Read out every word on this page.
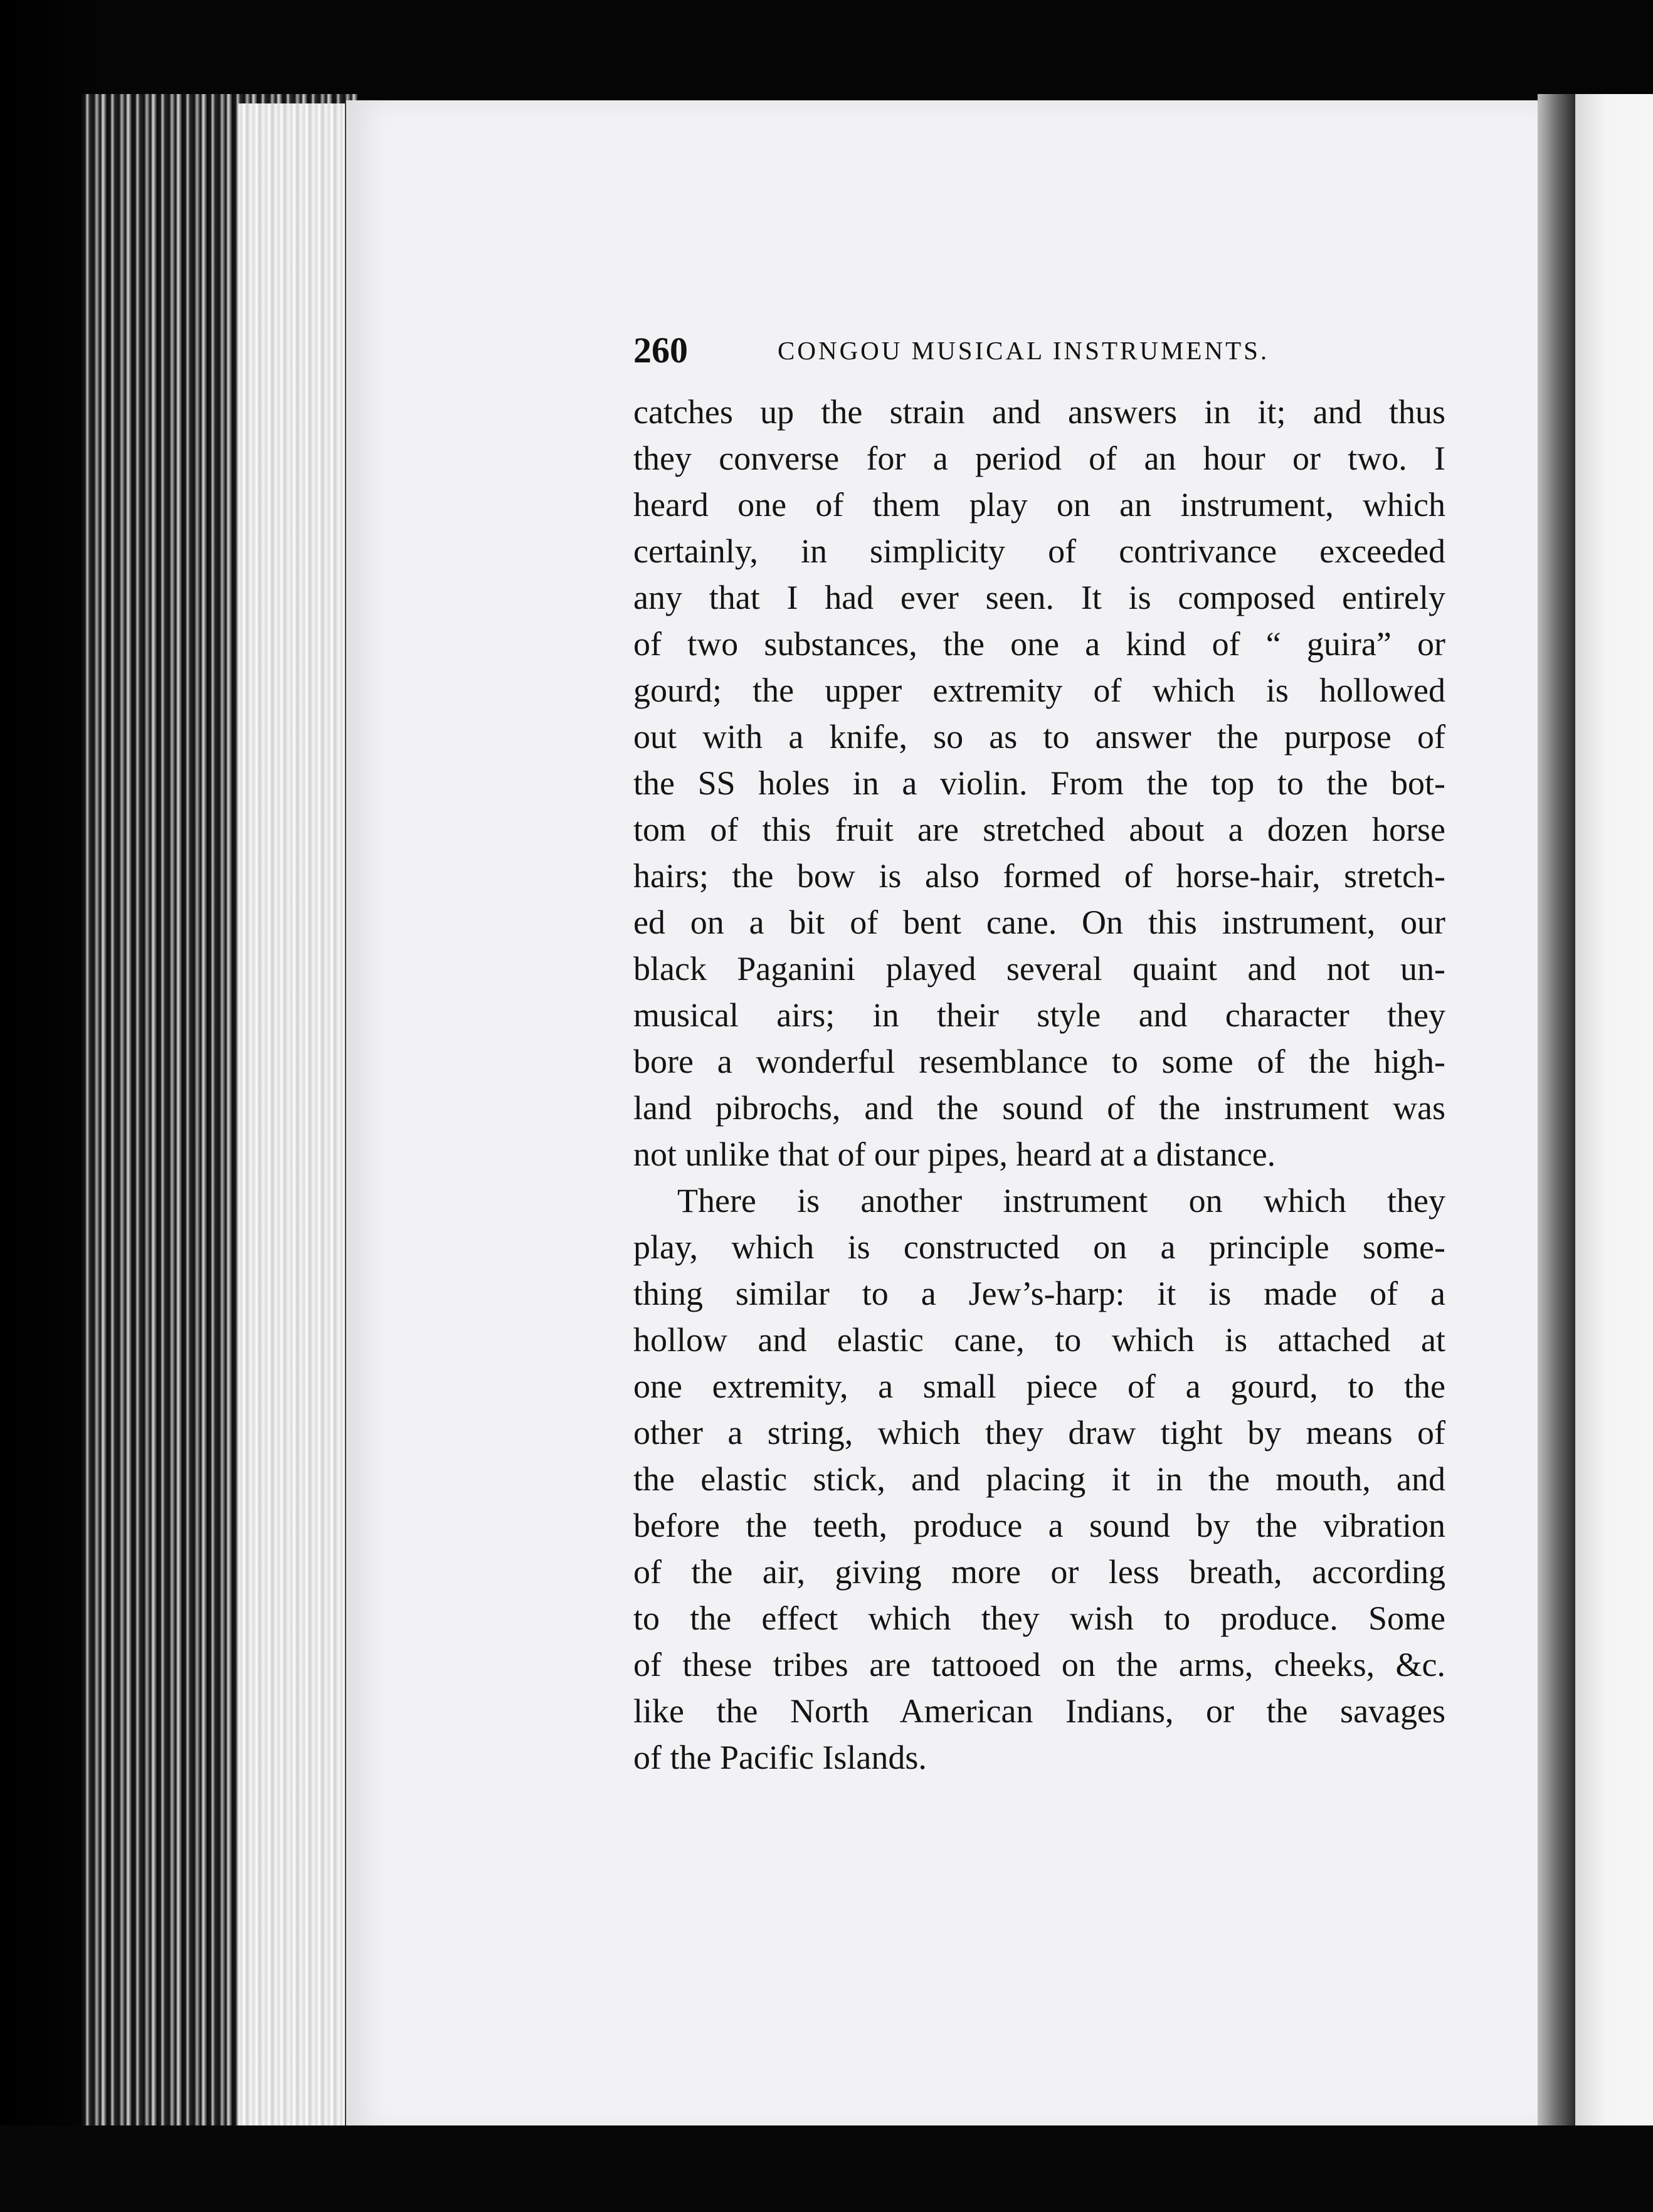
260	CONGOU MUSICAL INSTRUMENTS.
catches up the strain and answers in it; and thus
they converse for a period of an hour or two. I
heard one of them play on an instrument, which
certainly, in simplicity of contrivance exceeded
any that I had ever seen. It is composed entirely
of two substances, the one a kind of “ guira” or
gourd; the upper extremity of which is hollowed
out with a knife, so as to answer the purpose of
the SS holes in a violin. From the top to the bot-
tom of this fruit are stretched about a dozen horse
hairs; the bow is also formed of horse-hair, stretch-
ed on a bit of bent cane. On this instrument, our
black Paganini played several quaint and not un-
musical airs; in their style and character they
bore a wonderful resemblance to some of the high-
land pibrochs, and the sound of the instrument was
not unlike that of our pipes, heard at a distance.
There is another instrument on which they
play, which is constructed on a principle some-
thing similar to a Jew’s-harp: it is made of a
hollow and elastic cane, to which is attached at
one extremity, a small piece of a gourd, to the
other a string, which they draw tight by means of
the elastic stick, and placing it in the mouth, and
before the teeth, produce a sound by the vibration
of the air, giving more or less breath, according
to the effect which they wish to produce. Some
of these tribes are tattooed on the arms, cheeks, &c.
like the North American Indians, or the savages
of the Pacific Islands.
